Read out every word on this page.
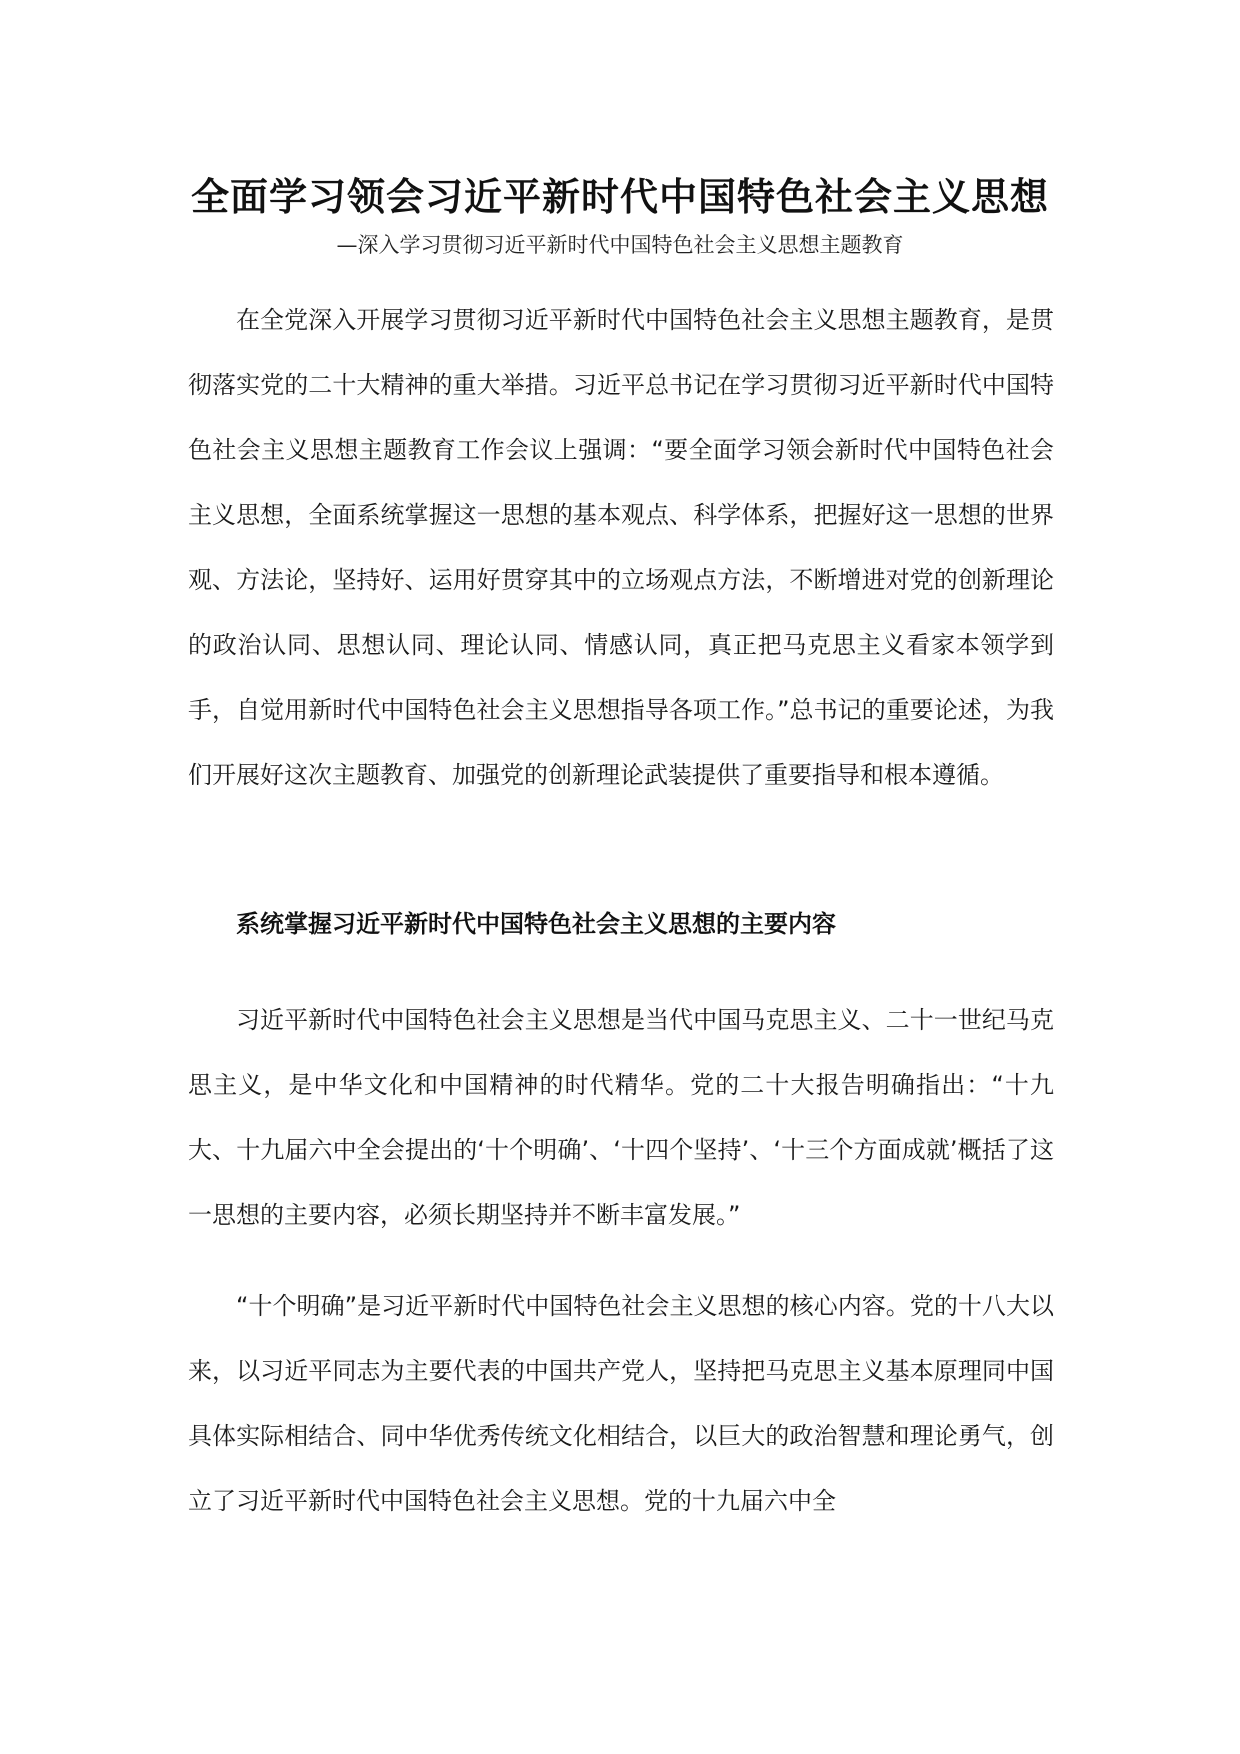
全面学习领会习近平新时代中国特色社会主义思想

—深入学习贯彻习近平新时代中国特色社会主义思想主题教育

在全党深入开展学习贯彻习近平新时代中国特色社会主义思想主题教育，是贯彻落实党的二十大精神的重大举措。习近平总书记在学习贯彻习近平新时代中国特色社会主义思想主题教育工作会议上强调：“要全面学习领会新时代中国特色社会主义思想，全面系统掌握这一思想的基本观点、科学体系，把握好这一思想的世界观、方法论，坚持好、运用好贯穿其中的立场观点方法，不断增进对党的创新理论的政治认同、思想认同、理论认同、情感认同，真正把马克思主义看家本领学到手，自觉用新时代中国特色社会主义思想指导各项工作。”总书记的重要论述，为我们开展好这次主题教育、加强党的创新理论武装提供了重要指导和根本遵循。

系统掌握习近平新时代中国特色社会主义思想的主要内容

习近平新时代中国特色社会主义思想是当代中国马克思主义、二十一世纪马克思主义，是中华文化和中国精神的时代精华。党的二十大报告明确指出：“十九大、十九届六中全会提出的‘十个明确’、‘十四个坚持’、‘十三个方面成就’概括了这一思想的主要内容，必须长期坚持并不断丰富发展。”

“十个明确”是习近平新时代中国特色社会主义思想的核心内容。党的十八大以来，以习近平同志为主要代表的中国共产党人，坚持把马克思主义基本原理同中国具体实际相结合、同中华优秀传统文化相结合，以巨大的政治智慧和理论勇气，创立了习近平新时代中国特色社会主义思想。党的十九届六中全
